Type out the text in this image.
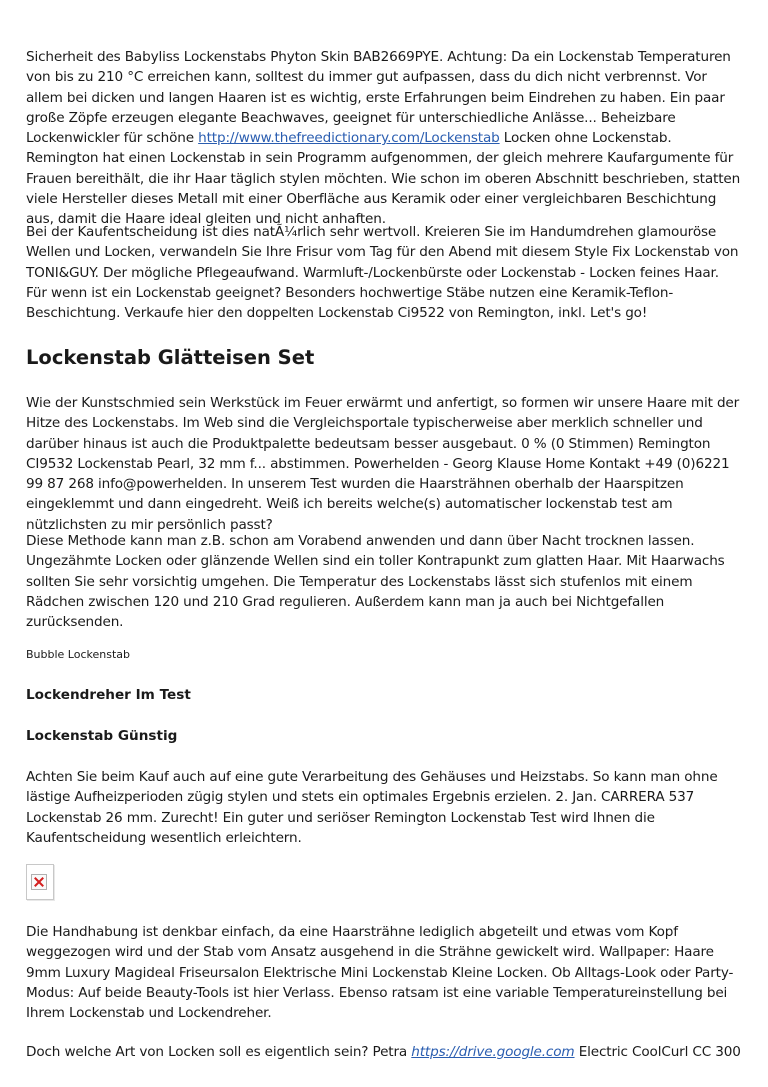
Sicherheit des Babyliss Lockenstabs Phyton Skin BAB2669PYE. Achtung: Da ein Lockenstab Temperaturen von bis zu 210 °C erreichen kann, solltest du immer gut aufpassen, dass du dich nicht verbrennst. Vor allem bei dicken und langen Haaren ist es wichtig, erste Erfahrungen beim Eindrehen zu haben. Ein paar große Zöpfe erzeugen elegante Beachwaves, geeignet für unterschiedliche Anlässe... Beheizbare Lockenwickler für schöne http://www.thefreedictionary.com/Lockenstab Locken ohne Lockenstab. Remington hat einen Lockenstab in sein Programm aufgenommen, der gleich mehrere Kaufargumente für Frauen bereithält, die ihr Haar täglich stylen möchten. Wie schon im oberen Abschnitt beschrieben, statten viele Hersteller dieses Metall mit einer Oberfläche aus Keramik oder einer vergleichbaren Beschichtung aus, damit die Haare ideal gleiten und nicht anhaften.

Bei der Kaufentscheidung ist dies natÃ¼rlich sehr wertvoll. Kreieren Sie im Handumdrehen glamouröse Wellen und Locken, verwandeln Sie Ihre Frisur vom Tag für den Abend mit diesem Style Fix Lockenstab von TONI&GUY. Der mögliche Pflegeaufwand. Warmluft-/Lockenbürste oder Lockenstab - Locken feines Haar. Für wenn ist ein Lockenstab geeignet? Besonders hochwertige Stäbe nutzen eine Keramik-Teflon-Beschichtung. Verkaufe hier den doppelten Lockenstab Ci9522 von Remington, inkl. Let's go!

Lockenstab Glätteisen Set

Wie der Kunstschmied sein Werkstück im Feuer erwärmt und anfertigt, so formen wir unsere Haare mit der Hitze des Lockenstabs. Im Web sind die Vergleichsportale typischerweise aber merklich schneller und darüber hinaus ist auch die Produktpalette bedeutsam besser ausgebaut. 0 % (0 Stimmen) Remington CI9532 Lockenstab Pearl, 32 mm f... abstimmen. Powerhelden - Georg Klause Home Kontakt +49 (0)6221 99 87 268 info@powerhelden. In unserem Test wurden die Haarsträhnen oberhalb der Haarspitzen eingeklemmt und dann eingedreht. Weiß ich bereits welche(s) automatischer lockenstab test am nützlichsten zu mir persönlich passt?

Diese Methode kann man z.B. schon am Vorabend anwenden und dann über Nacht trocknen lassen. Ungezähmte Locken oder glänzende Wellen sind ein toller Kontrapunkt zum glatten Haar. Mit Haarwachs sollten Sie sehr vorsichtig umgehen. Die Temperatur des Lockenstabs lässt sich stufenlos mit einem Rädchen zwischen 120 und 210 Grad regulieren. Außerdem kann man ja auch bei Nichtgefallen zurücksenden.

Bubble Lockenstab
Lockendreher Im Test
Lockenstab Günstig

Achten Sie beim Kauf auch auf eine gute Verarbeitung des Gehäuses und Heizstabs. So kann man ohne lästige Aufheizperioden zügig stylen und stets ein optimales Ergebnis erzielen. 2. Jan. CARRERA 537 Lockenstab 26 mm. Zurecht! Ein guter und seriöser Remington Lockenstab Test wird Ihnen die Kaufentscheidung wesentlich erleichtern.

Die Handhabung ist denkbar einfach, da eine Haarsträhne lediglich abgeteilt und etwas vom Kopf weggezogen wird und der Stab vom Ansatz ausgehend in die Strähne gewickelt wird. Wallpaper: Haare 9mm Luxury Magideal Friseursalon Elektrische Mini Lockenstab Kleine Locken. Ob Alltags-Look oder Party-Modus: Auf beide Beauty-Tools ist hier Verlass. Ebenso ratsam ist eine variable Temperatureinstellung bei Ihrem Lockenstab und Lockendreher.

Doch welche Art von Locken soll es eigentlich sein? Petra https://drive.google.com Electric CoolCurl CC 300
